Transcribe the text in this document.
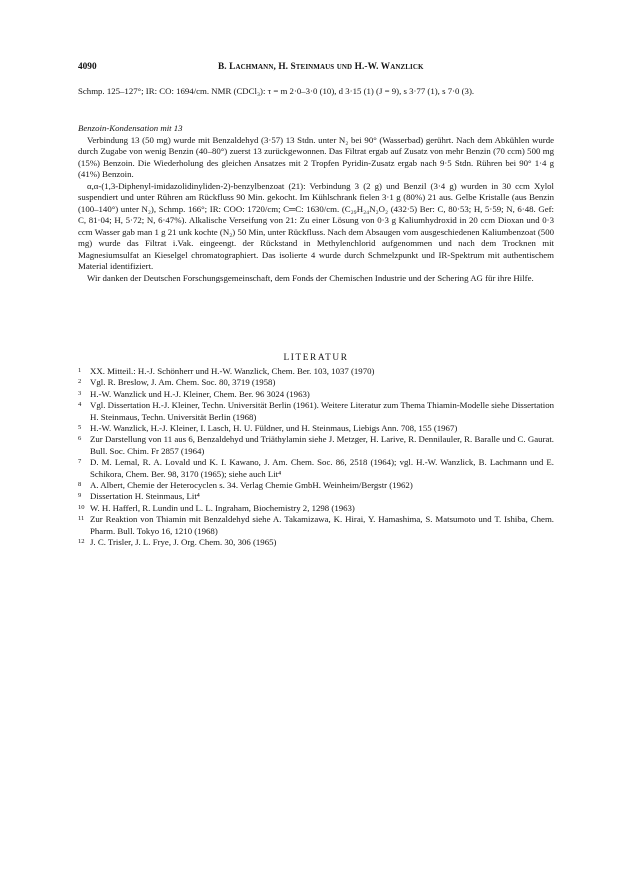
4090	B. Lachmann, H. Steinmaus und H.-W. Wanzlick

Schmp. 125–127°; IR: CO: 1694/cm. NMR (CDCl₃): τ = m 2·0–3·0 (10), d 3·15 (1) (J = 9), s 3·77 (1), s 7·0 (3).

Benzoin-Kondensation mit 13

Verbindung 13 (50 mg) wurde mit Benzaldehyd (3·57) 13 Stdn. unter N₂ bei 90° (Wasserbad) gerührt. Nach dem Abkühlen wurde durch Zugabe von wenig Benzin (40–80°) zuerst 13 zurückgewonnen. Das Filtrat ergab auf Zusatz von mehr Benzin (70 ccm) 500 mg (15%) Benzoin. Die Wiederholung des gleichen Ansatzes mit 2 Tropfen Pyridin-Zusatz ergab nach 9·5 Stdn. Rühren bei 90° 1·4 g (41%) Benzoin.

α,α-(1,3-Diphenyl-imidazolidinyliden-2)-benzylbenzoat (21): Verbindung 3 (2 g) und Benzil (3·4 g) wurden in 30 ccm Xylol suspendiert und unter Rühren am Rückfluss 90 Min. gekocht. Im Kühlschrank fielen 3·1 g (80%) 21 aus. Gelbe Kristalle (aus Benzin (100–140°) unter N₂), Schmp. 166°; IR: COO: 1720/cm; C═C: 1630/cm. (C₂₉H₂₄N₂O₂ (432·5) Ber: C, 80·53; H, 5·59; N, 6·48. Gef: C, 81·04; H, 5·72; N, 6·47%). Alkalische Verseifung von 21: Zu einer Lösung von 0·3 g Kaliumhydroxid in 20 ccm Dioxan und 0·3 ccm Wasser gab man 1 g 21 unk kochte (N₂) 50 Min, unter Rückfluss. Nach dem Absaugen vom ausgeschiedenen Kaliumbenzoat (500 mg) wurde das Filtrat i.Vak. eingeengt. der Rückstand in Methylenchlorid aufgenommen und nach dem Trocknen mit Magnesiumsulfat an Kieselgel chromatographiert. Das isolierte 4 wurde durch Schmelzpunkt und IR-Spektrum mit authentischem Material identifiziert.

Wir danken der Deutschen Forschungsgemeinschaft, dem Fonds der Chemischen Industrie und der Schering AG für ihre Hilfe.

LITERATUR
1 XX. Mitteil.: H.-J. Schönherr und H.-W. Wanzlick, Chem. Ber. 103, 1037 (1970)
2 Vgl. R. Breslow, J. Am. Chem. Soc. 80, 3719 (1958)
3 H.-W. Wanzlick und H.-J. Kleiner, Chem. Ber. 96 3024 (1963)
4 Vgl. Dissertation H.-J. Kleiner, Techn. Universität Berlin (1961). Weitere Literatur zum Thema Thiamin-Modelle siehe Dissertation H. Steinmaus, Techn. Universität Berlin (1968)
5 H.-W. Wanzlick, H.-J. Kleiner, I. Lasch, H. U. Füldner, und H. Steinmaus, Liebigs Ann. 708, 155 (1967)
6 Zur Darstellung von 11 aus 6, Benzaldehyd und Triäthylamin siehe J. Metzger, H. Larive, R. Dennilauler, R. Baralle und C. Gaurat. Bull. Soc. Chim. Fr 2857 (1964)
7 D. M. Lemal, R. A. Lovald und K. I. Kawano, J. Am. Chem. Soc. 86, 2518 (1964); vgl. H.-W. Wanzlick, B. Lachmann und E. Schikora, Chem. Ber. 98, 3170 (1965); siehe auch Lit⁴
8 A. Albert, Chemie der Heterocyclen s. 34. Verlag Chemie GmbH. Weinheim/Bergstr (1962)
9 Dissertation H. Steinmaus, Lit⁴
10 W. H. Hafferl, R. Lundin und L. L. Ingraham, Biochemistry 2, 1298 (1963)
11 Zur Reaktion von Thiamin mit Benzaldehyd siehe A. Takamizawa, K. Hirai, Y. Hamashima, S. Matsumoto und T. Ishiba, Chem. Pharm. Bull. Tokyo 16, 1210 (1968)
12 J. C. Trisler, J. L. Frye, J. Org. Chem. 30, 306 (1965)
